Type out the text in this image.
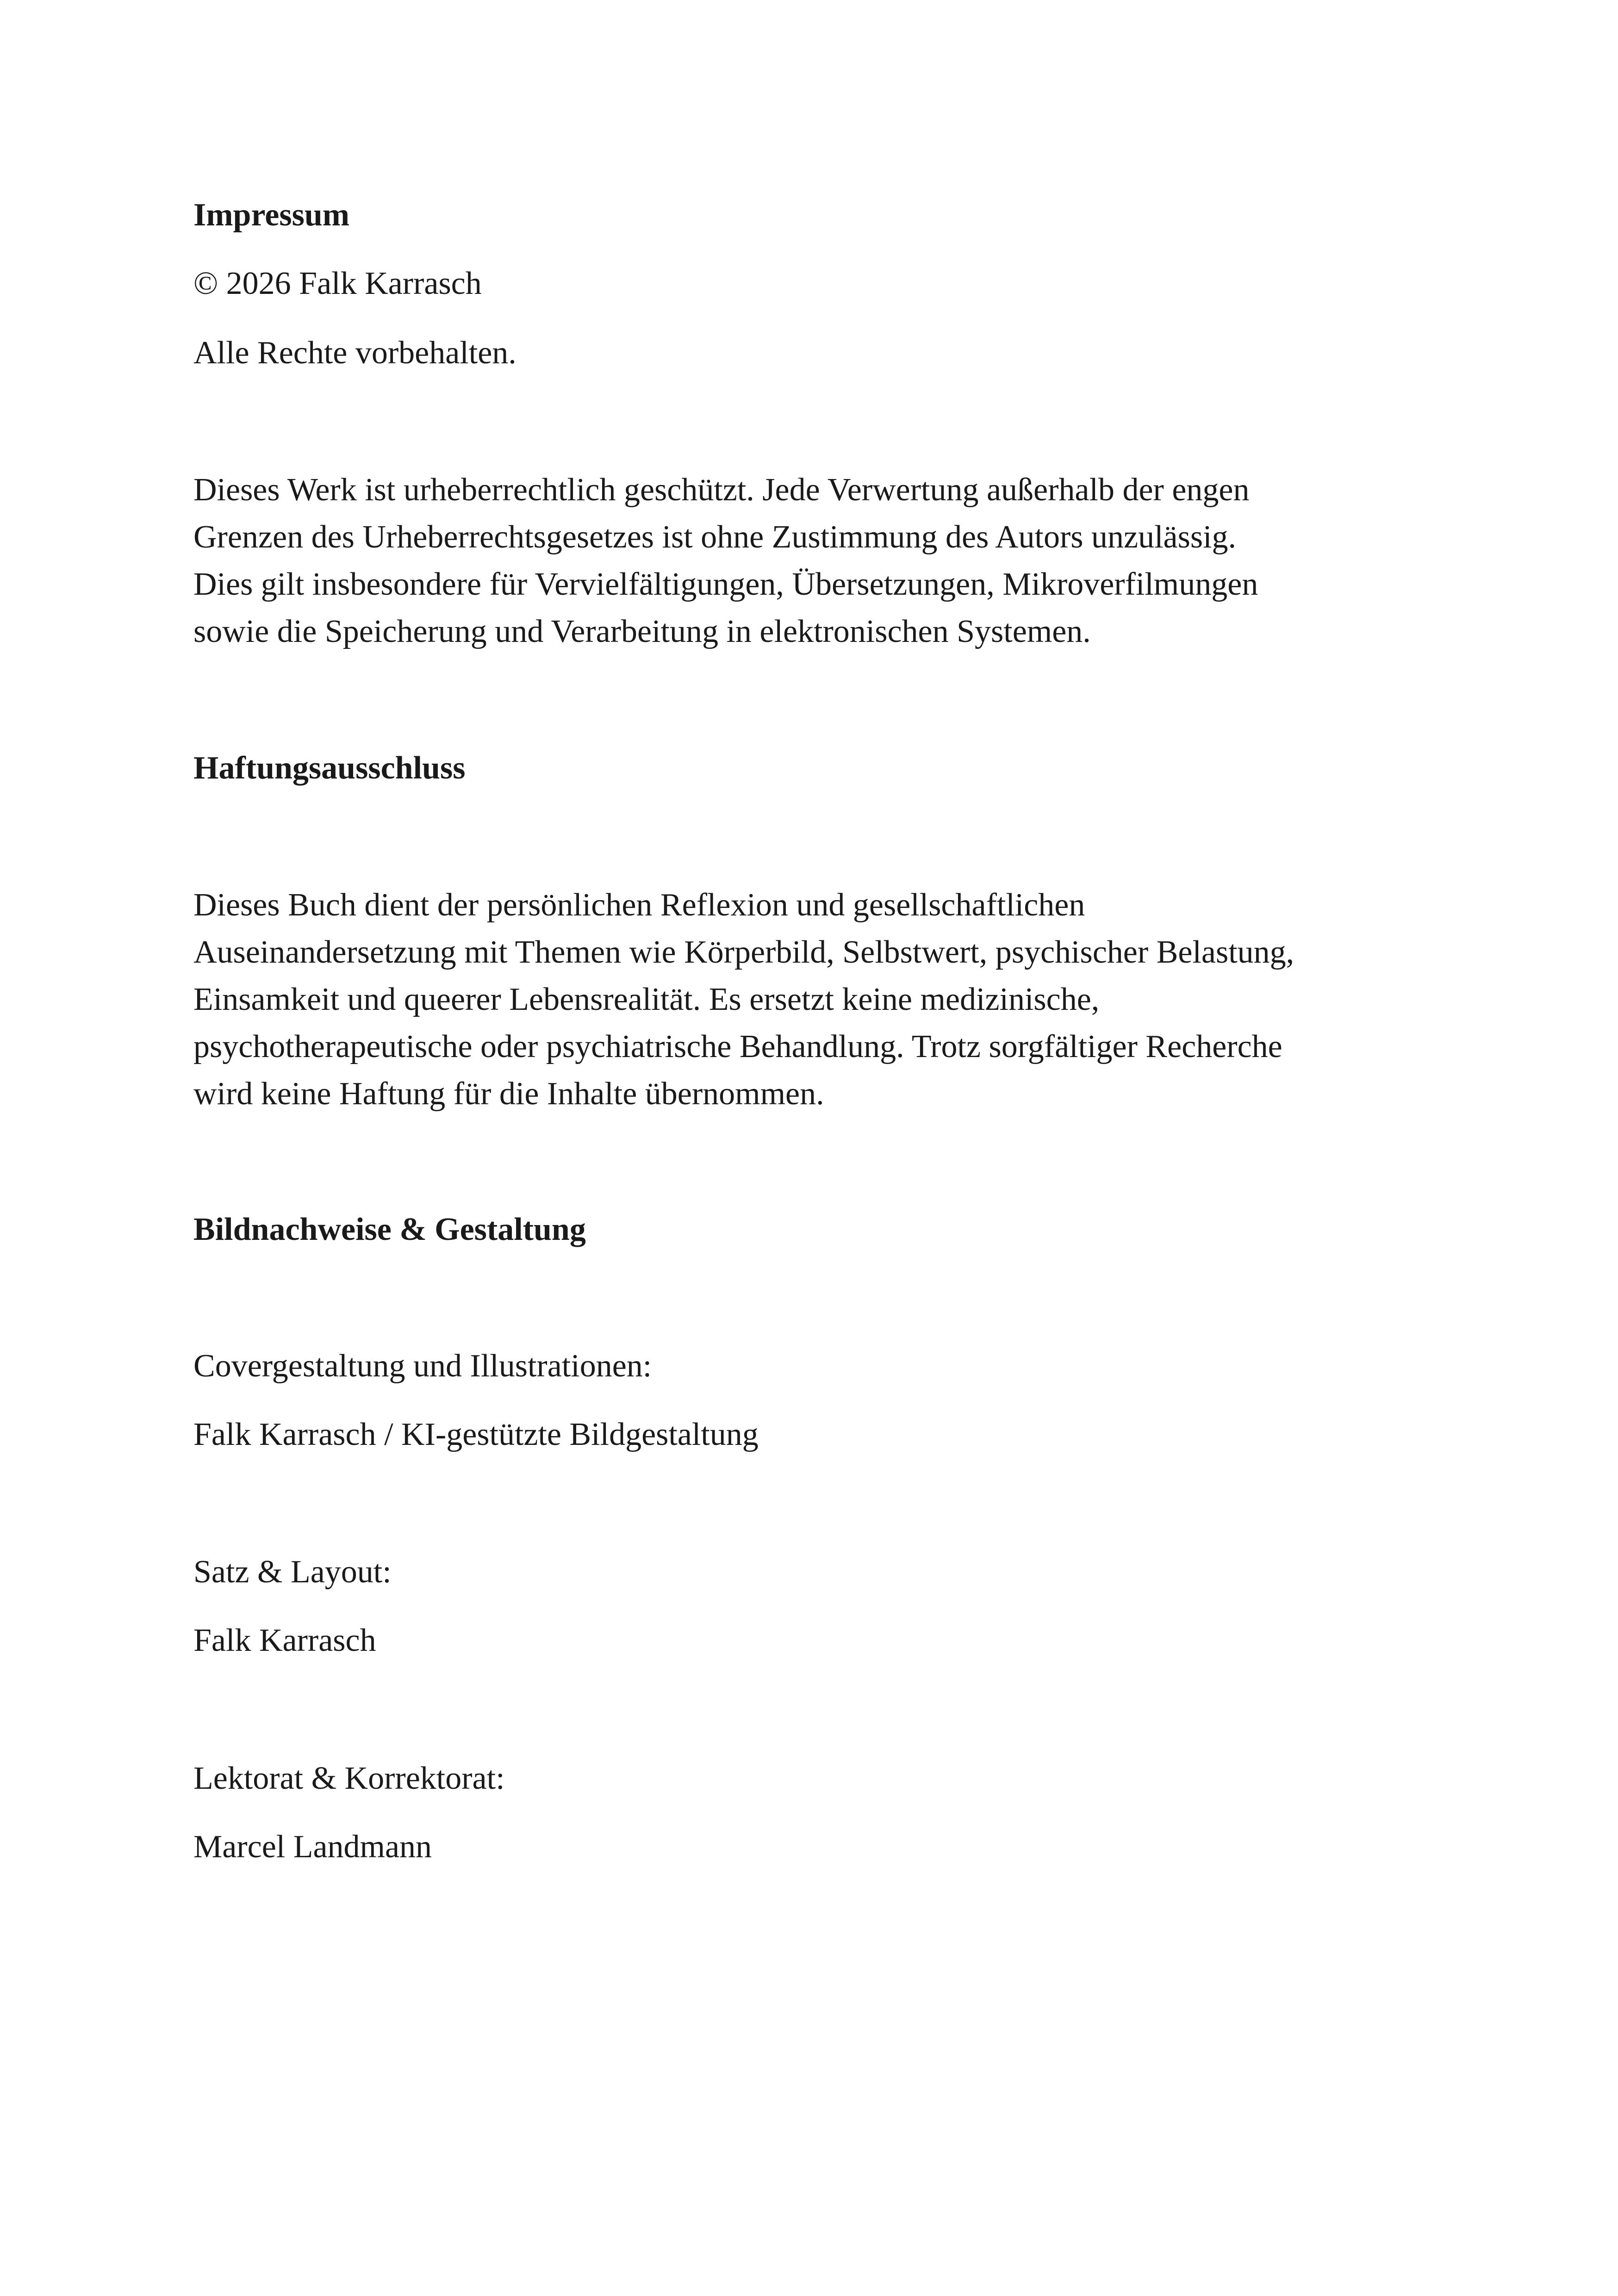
Impressum

© 2026 Falk Karrasch

Alle Rechte vorbehalten.

Dieses Werk ist urheberrechtlich geschützt. Jede Verwertung außerhalb der engen
Grenzen des Urheberrechtsgesetzes ist ohne Zustimmung des Autors unzulässig.
Dies gilt insbesondere für Vervielfältigungen, Übersetzungen, Mikroverfilmungen
sowie die Speicherung und Verarbeitung in elektronischen Systemen.

Haftungsausschluss

Dieses Buch dient der persönlichen Reflexion und gesellschaftlichen
Auseinandersetzung mit Themen wie Körperbild, Selbstwert, psychischer Belastung,
Einsamkeit und queerer Lebensrealität. Es ersetzt keine medizinische,
psychotherapeutische oder psychiatrische Behandlung. Trotz sorgfältiger Recherche
wird keine Haftung für die Inhalte übernommen.

Bildnachweise & Gestaltung

Covergestaltung und Illustrationen:

Falk Karrasch / KI-gestützte Bildgestaltung

Satz & Layout:

Falk Karrasch

Lektorat & Korrektorat:

Marcel Landmann
